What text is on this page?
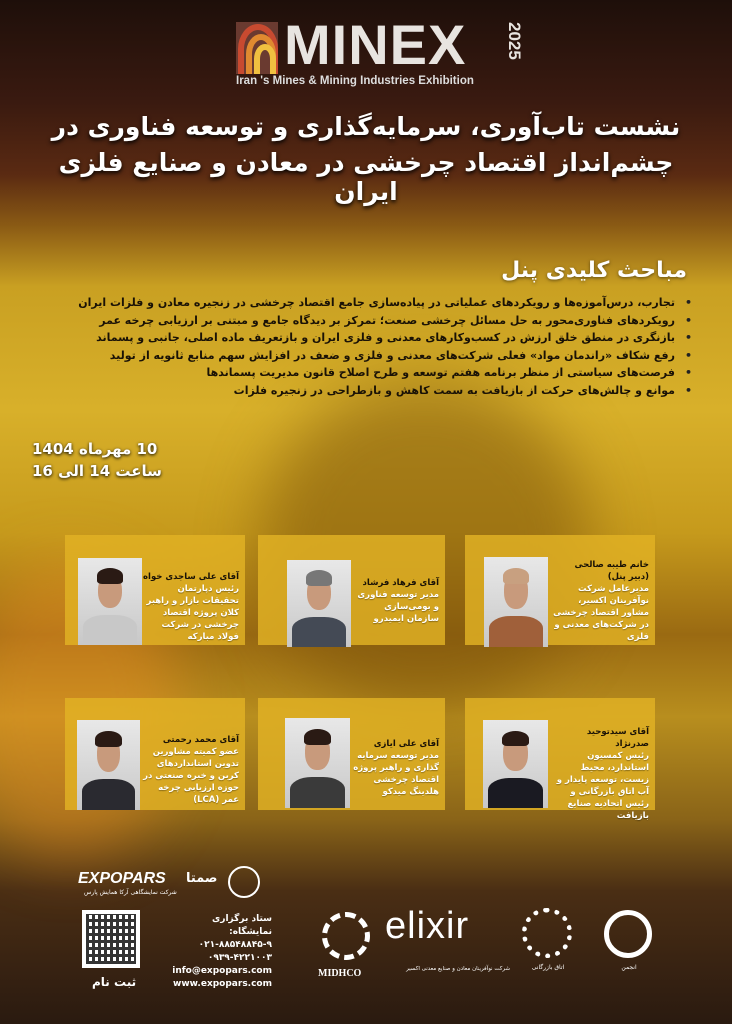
MINEX 2025
Iran 's Mines & Mining Industries Exhibition
نشست تاب‌آوری، سرمایه‌گذاری و توسعه فناوری در
چشم‌انداز اقتصاد چرخشی در معادن و صنایع فلزی ایران
مباحث کلیدی پنل
• تجارب، درس‌آموزه‌ها و رویکردهای عملیاتی در پیاده‌سازی جامع اقتصاد چرخشی در زنجیره معادن و فلزات ایران
• رویکردهای فناوری‌محور به حل مسائل چرخشی صنعت؛ تمرکز بر دیدگاه جامع و مبتنی بر ارزیابی چرخه عمر
• بازنگری در منطق خلق ارزش در کسب‌وکارهای معدنی و فلزی ایران و بازتعریف ماده اصلی، جانبی و پسماند
• رفع شکاف «راندمان مواد» فعلی شرکت‌های معدنی و فلزی و ضعف در افزایش سهم منابع ثانویه از تولید
• فرصت‌های سیاستی از منظر برنامه هفتم توسعه و طرح اصلاح قانون مدیریت پسماندها
• موانع و چالش‌های حرکت از بازیافت به سمت کاهش و بازطراحی در زنجیره فلزات
10 مهرماه 1404
ساعت 14 الی 16
خانم طیبه صالحی
(دبیر پنل)
مدیرعامل شرکت نوآفرینان اکسیر، مشاور اقتصاد چرخشی در شرکت‌های معدنی و فلزی
آقای فرهاد فرشاد
مدیر توسعه فناوری و بومی‌سازی سازمان ایمیدرو
آقای علی ساجدی خواه
رئیس دپارتمان تحقیقات بازار و راهبر کلان پروژه اقتصاد چرخشی در شرکت فولاد مبارکه
آقای سیدتوحید صدرنژاد
رئیس کمسیون استاندارد، محیط زیست، توسعه پایدار و آب اتاق بازرگانی و رئیس اتحادیه صنایع بازیافت
آقای علی ایازی
مدیر توسعه سرمایه گذاری و راهبر پروژه اقتصاد چرخشی هلدینگ میدکو
آقای محمد رحمتی
عضو کمیته مشاورین تدوین استانداردهای کربن و خبره صنعتی در حوزه ارزیابی چرخه عمر (LCA)
EXPOPARS
شرکت نمایشگاهی آرکا همایش پارس
صمتا
ثبت نام
ستاد برگزاری نمایشگاه:
۰۲۱-۸۸۵۴۸۸۴۵-۹
۰۹۳۹-۴۲۲۱۰۰۳
info@expopars.com
www.expopars.com
MIDHCO
elixir
شرکت نوآفرینان معادن و صنایع معدنی اکسیر	اتاق بازرگانی	انجمن
